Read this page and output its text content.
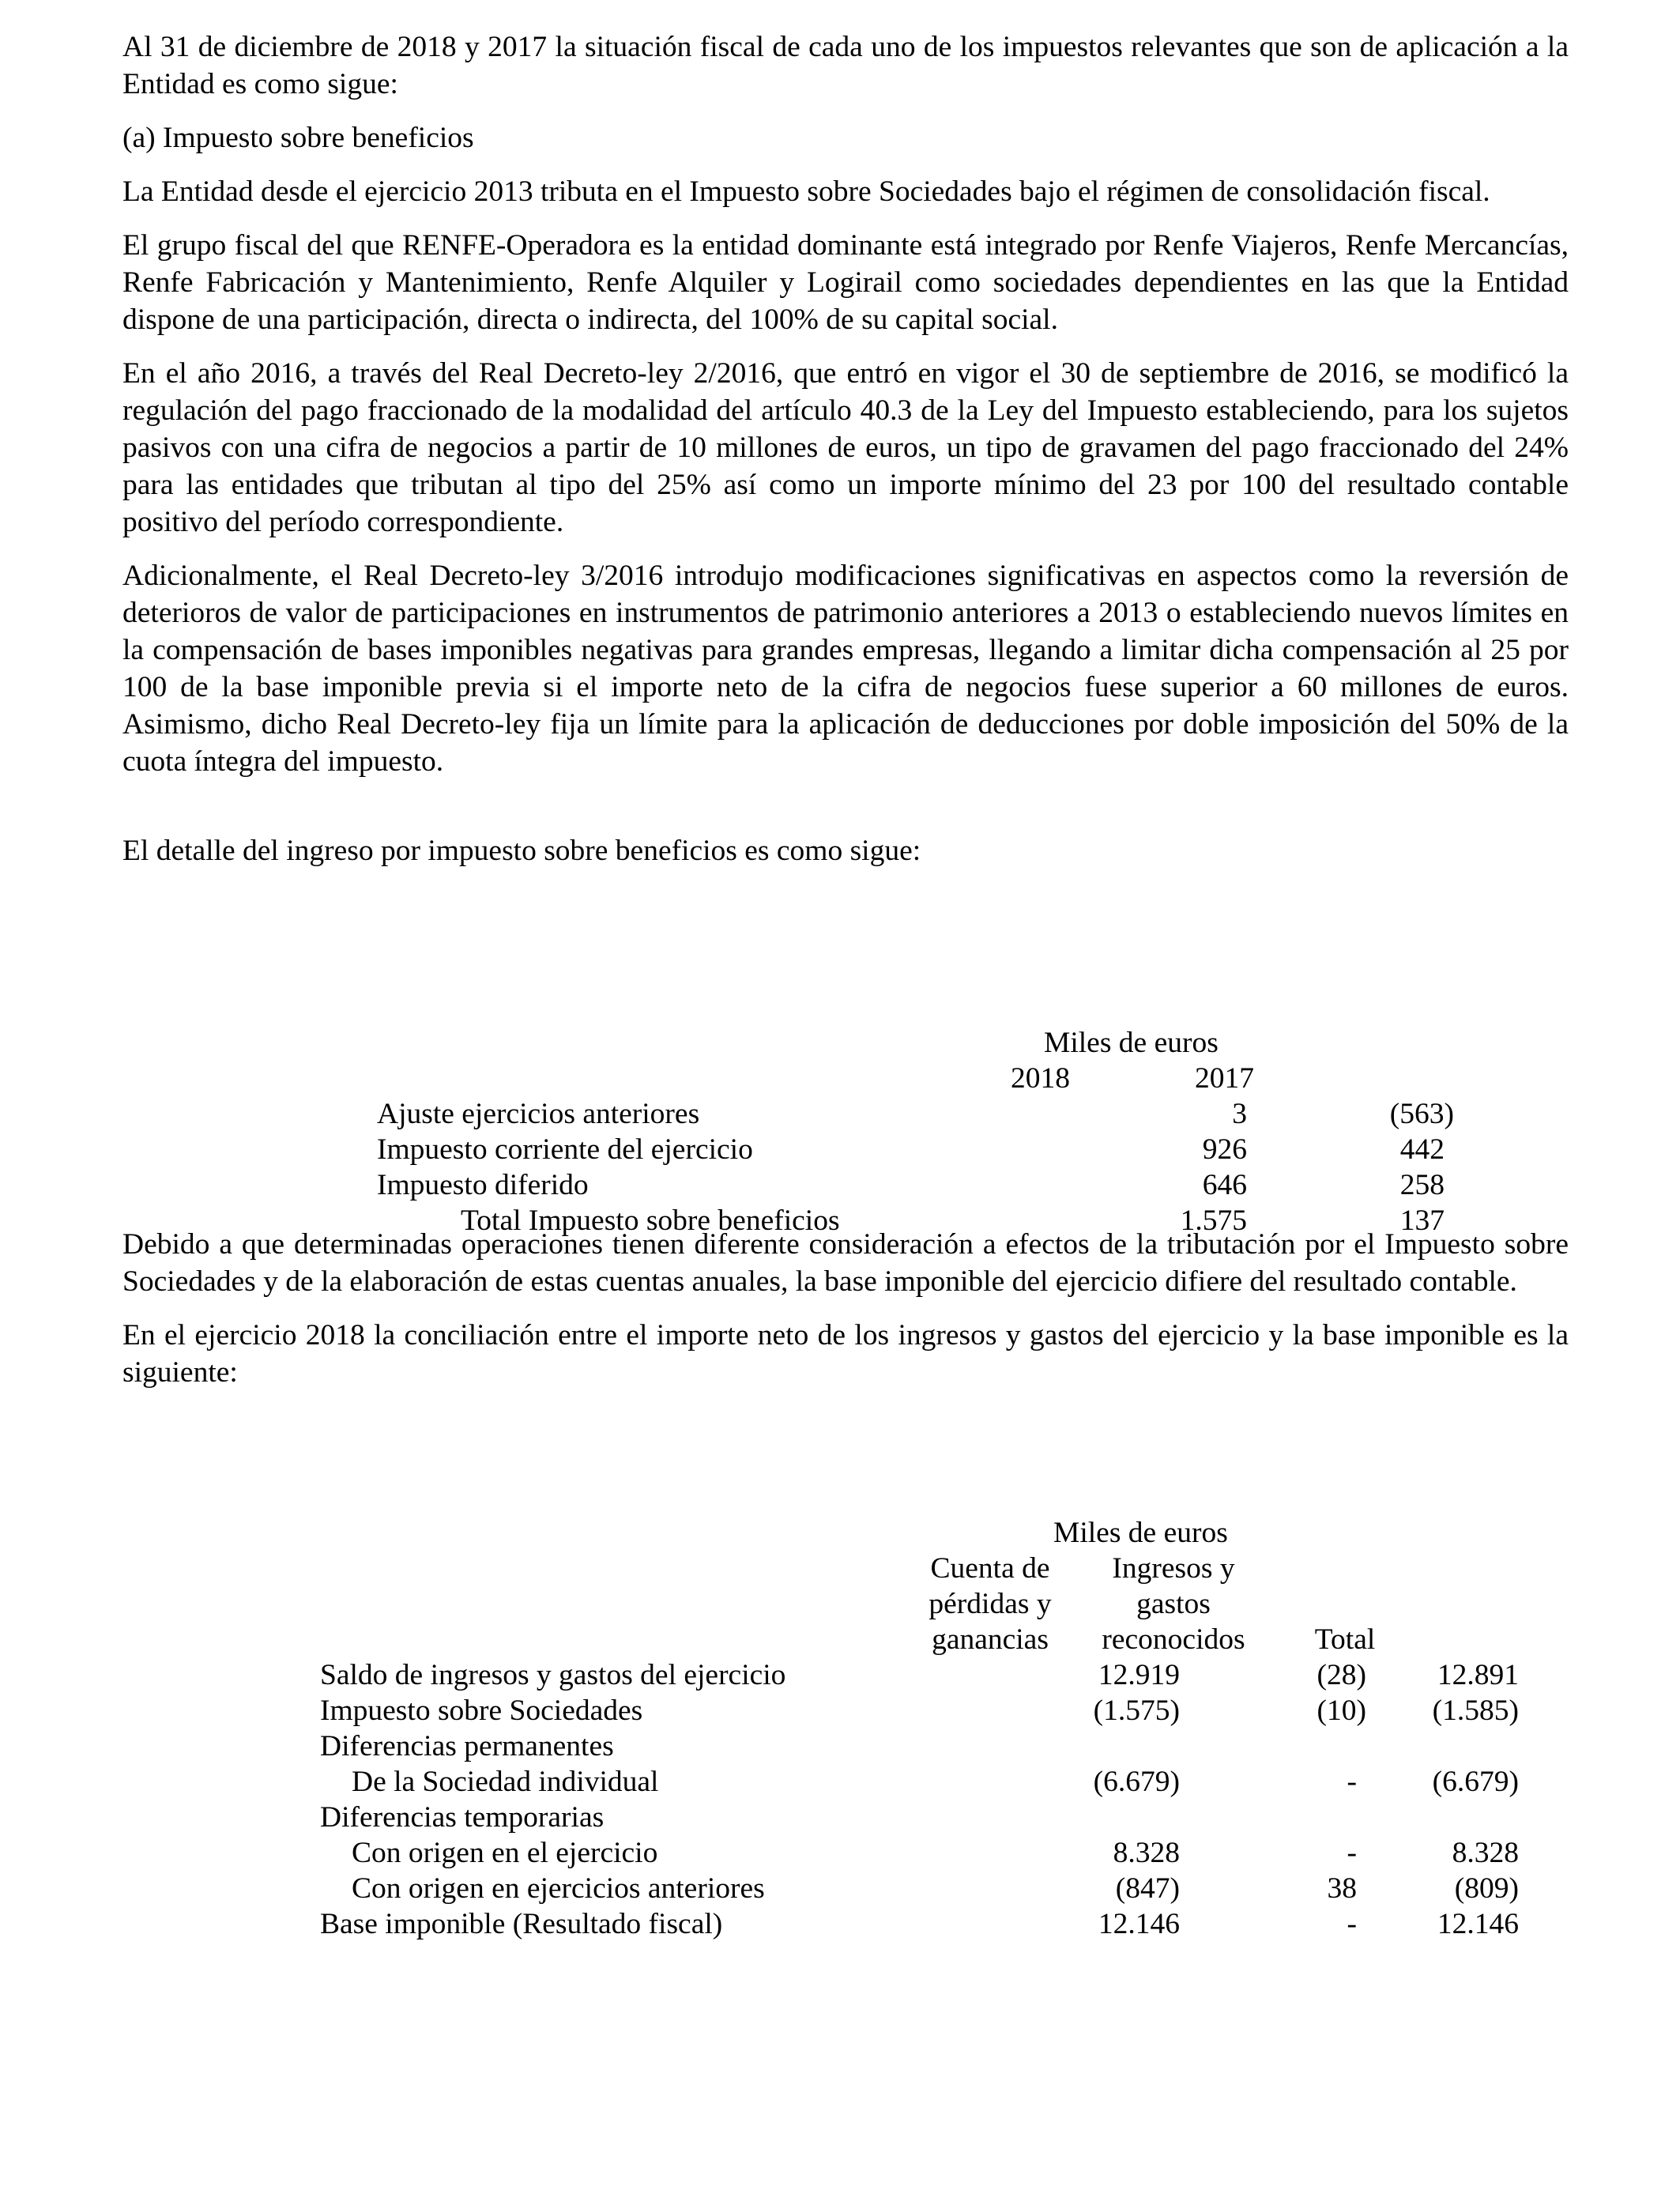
Al 31 de diciembre de 2018 y 2017 la situación fiscal de cada uno de los impuestos relevantes que son de aplicación a la Entidad es como sigue:

(a) Impuesto sobre beneficios

La Entidad desde el ejercicio 2013 tributa en el Impuesto sobre Sociedades bajo el régimen de consolidación fiscal.

El grupo fiscal del que RENFE-Operadora es la entidad dominante está integrado por Renfe Viajeros, Renfe Mercancías, Renfe Fabricación y Mantenimiento, Renfe Alquiler y Logirail como sociedades dependientes en las que la Entidad dispone de una participación, directa o indirecta, del 100% de su capital social.

En el año 2016, a través del Real Decreto-ley 2/2016, que entró en vigor el 30 de septiembre de 2016, se modificó la regulación del pago fraccionado de la modalidad del artículo 40.3 de la Ley del Impuesto estableciendo, para los sujetos pasivos con una cifra de negocios a partir de 10 millones de euros, un tipo de gravamen del pago fraccionado del 24% para las entidades que tributan al tipo del 25% así como un importe mínimo del 23 por 100 del resultado contable positivo del período correspondiente.

Adicionalmente, el Real Decreto-ley 3/2016 introdujo modificaciones significativas en aspectos como la reversión de deterioros de valor de participaciones en instrumentos de patrimonio anteriores a 2013 o estableciendo nuevos límites en la compensación de bases imponibles negativas para grandes empresas, llegando a limitar dicha compensación al 25 por 100 de la base imponible previa si el importe neto de la cifra de negocios fuese superior a 60 millones de euros. Asimismo, dicho Real Decreto-ley fija un límite para la aplicación de deducciones por doble imposición del 50% de la cuota íntegra del impuesto.

El detalle del ingreso por impuesto sobre beneficios es como sigue:

Miles de euros
2018	2017
Ajuste ejercicios anteriores	3	(563)
Impuesto corriente del ejercicio	926	442
Impuesto diferido	646	258
Total Impuesto sobre beneficios	1.575	137

Debido a que determinadas operaciones tienen diferente consideración a efectos de la tributación por el Impuesto sobre Sociedades y de la elaboración de estas cuentas anuales, la base imponible del ejercicio difiere del resultado contable.

En el ejercicio 2018 la conciliación entre el importe neto de los ingresos y gastos del ejercicio y la base imponible es la siguiente:

Miles de euros
Cuenta de	Ingresos y
pérdidas y	gastos
ganancias	reconocidos	Total
Saldo de ingresos y gastos del ejercicio	12.919	(28) 12.891
Impuesto sobre Sociedades	(1.575)	(10) (1.585)
Diferencias permanentes
De la Sociedad individual	(6.679)	-	(6.679)
Diferencias temporarias
Con origen en el ejercicio	8.328	-	8.328
Con origen en ejercicios anteriores	(847)	38	(809)
Base imponible (Resultado fiscal)	12.146	-	12.146
